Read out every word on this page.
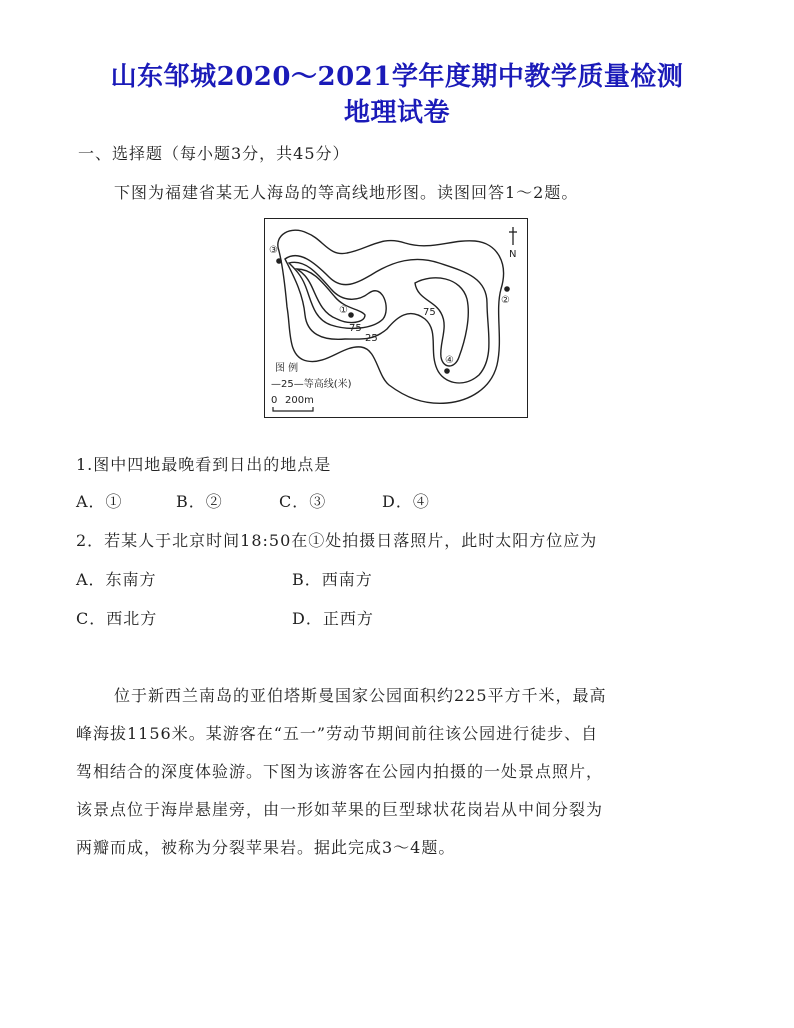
山东邹城2020～2021学年度期中教学质量检测
地理试卷
一、选择题（每小题3分，共45分）
下图为福建省某无人海岛的等高线地形图。读图回答1～2题。
N
③
①
②
④
75
75
25
图 例
—25—等高线(米)
0 200m
1.图中四地最晚看到日出的地点是
A．①	B．②	C．③	D．④
2．若某人于北京时间18:50在①处拍摄日落照片，此时太阳方位应为
A．东南方	B．西南方
C．西北方	D．正西方
位于新西兰南岛的亚伯塔斯曼国家公园面积约225平方千米，最高
峰海拔1156米。某游客在“五一”劳动节期间前往该公园进行徒步、自
驾相结合的深度体验游。下图为该游客在公园内拍摄的一处景点照片，
该景点位于海岸悬崖旁，由一形如苹果的巨型球状花岗岩从中间分裂为
两瓣而成，被称为分裂苹果岩。据此完成3～4题。
